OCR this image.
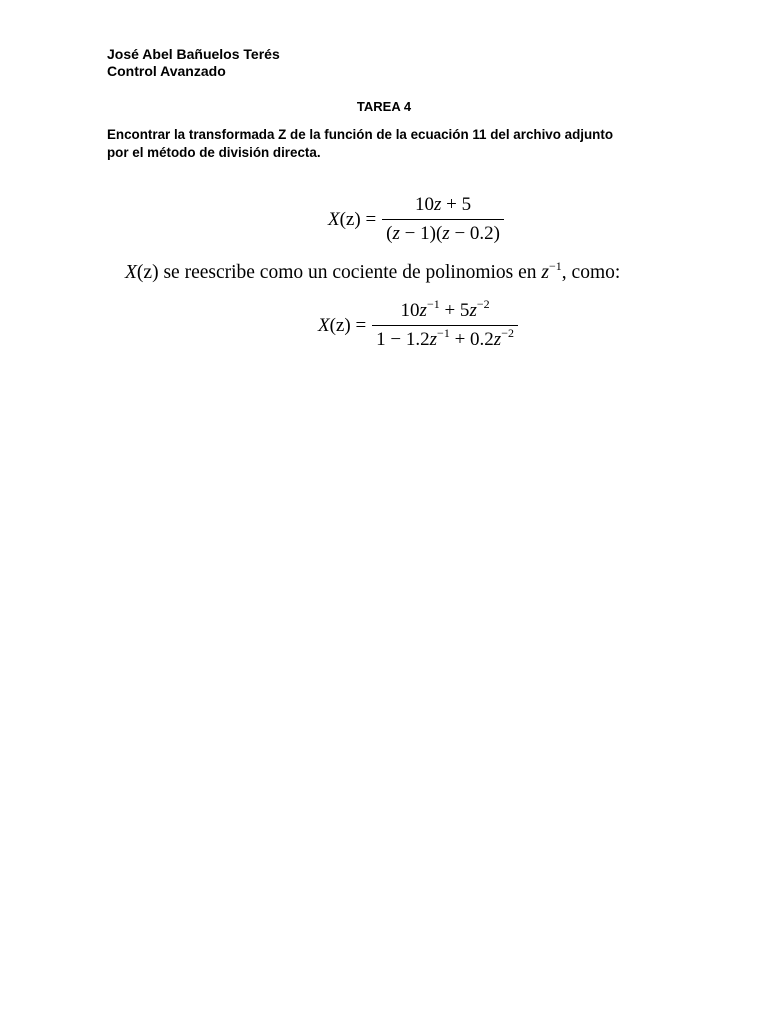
José Abel Bañuelos Terés
Control Avanzado
TAREA 4
Encontrar la transformada Z de la función de la ecuación 11 del archivo adjunto
por el método de división directa.
$X(z) = \frac{10z + 5}{(z - 1)(z - 0.2)}$
X(z) se reescribe como un cociente de polinomios en $z^{-1}$, como:
$X(z) = \frac{10z^{-1} + 5z^{-2}}{1 - 1.2z^{-1} + 0.2z^{-2}}$
